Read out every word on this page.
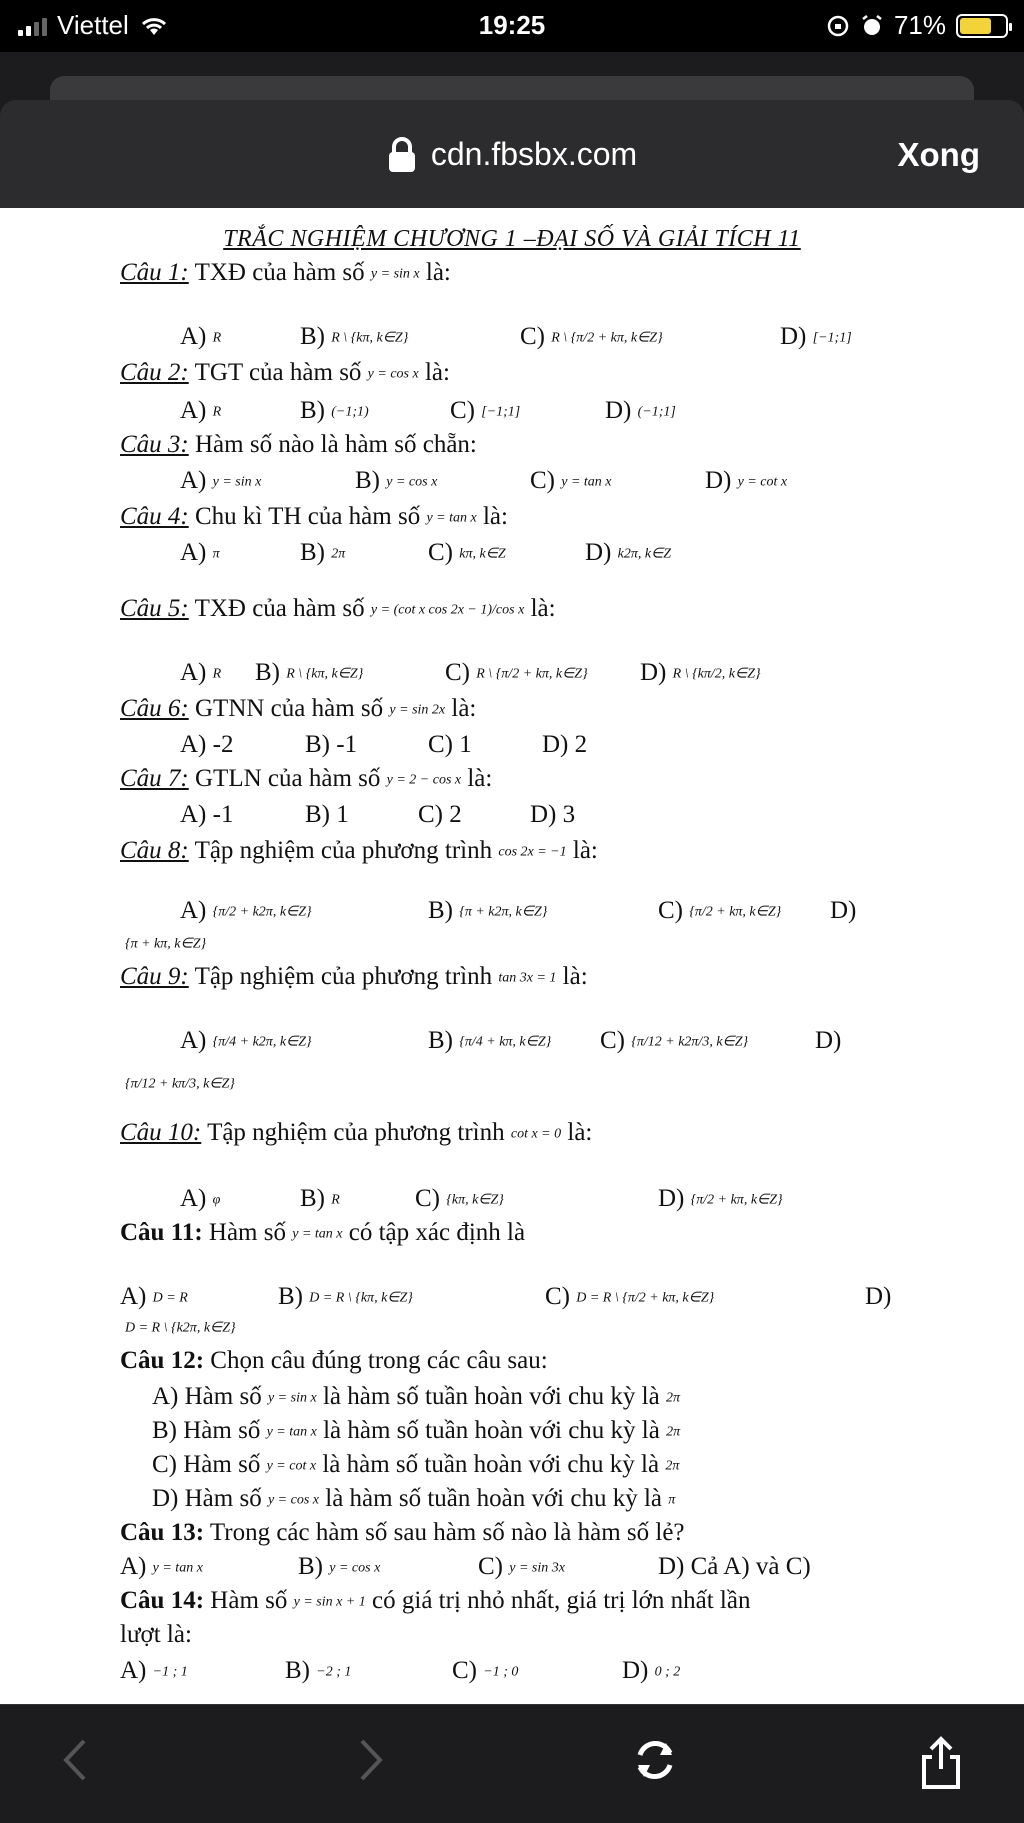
Viettel	19:25	71%
cdn.fbsbx.com	Xong
TRẮC NGHIỆM CHƯƠNG 1 –ĐẠI SỐ VÀ GIẢI TÍCH 11
Câu 1: TXĐ của hàm số y = sin x là:
A) R	B) R \ {kπ, k∈Z}	C) R \ {π/2 + kπ, k∈Z}	D) [−1;1]
Câu 2: TGT của hàm số y = cos x là:
A) R	B) (−1;1)	C) [−1;1]	D) (−1;1]
Câu 3: Hàm số nào là hàm số chẵn:
A) y = sin x	B) y = cos x	C) y = tan x	D) y = cot x
Câu 4: Chu kì TH của hàm số y = tan x là:
A) π	B) 2π	C) kπ, k∈Z	D) k2π, k∈Z
Câu 5: TXĐ của hàm số y = (cot x cos 2x − 1)/cos x là:
A) R B) R \ {kπ, k∈Z}	C) R \ {π/2 + kπ, k∈Z} D) R \ {kπ/2, k∈Z}
Câu 6: GTNN của hàm số y = sin 2x là:
A) -2	B) -1	C) 1	D) 2
Câu 7: GTLN của hàm số y = 2 − cos x là:
A) -1	B) 1	C) 2	D) 3
Câu 8: Tập nghiệm của phương trình cos 2x = −1 là:
A) {π/2 + k2π, k∈Z}	B) {π + k2π, k∈Z}	C) {π/2 + kπ, k∈Z} D)
{π + kπ, k∈Z}
Câu 9: Tập nghiệm của phương trình tan 3x = 1 là:
A) {π/4 + k2π, k∈Z}	B) {π/4 + kπ, k∈Z} C) {π/12 + k2π/3, k∈Z}	D)
{π/12 + kπ/3, k∈Z}
Câu 10: Tập nghiệm của phương trình cot x = 0 là:
A) φ	B) R	C) {kπ, k∈Z}	D) {π/2 + kπ, k∈Z}
Câu 11: Hàm số y = tan x có tập xác định là
A) D = R	B) D = R \ {kπ, k∈Z}	C) D = R \ {π/2 + kπ, k∈Z}	D)
D = R \ {k2π, k∈Z}
Câu 12: Chọn câu đúng trong các câu sau:
A) Hàm số y = sin x là hàm số tuần hoàn với chu kỳ là 2π
B) Hàm số y = tan x là hàm số tuần hoàn với chu kỳ là 2π
C) Hàm số y = cot x là hàm số tuần hoàn với chu kỳ là 2π
D) Hàm số y = cos x là hàm số tuần hoàn với chu kỳ là π
Câu 13: Trong các hàm số sau hàm số nào là hàm số lẻ?
A) y = tan x	B) y = cos x	C) y = sin 3x	D) Cả A) và C)
Câu 14: Hàm số y = sin x + 1 có giá trị nhỏ nhất, giá trị lớn nhất lần
lượt là:
A) −1 ; 1	B) −2 ; 1	C) −1 ; 0	D) 0 ; 2
